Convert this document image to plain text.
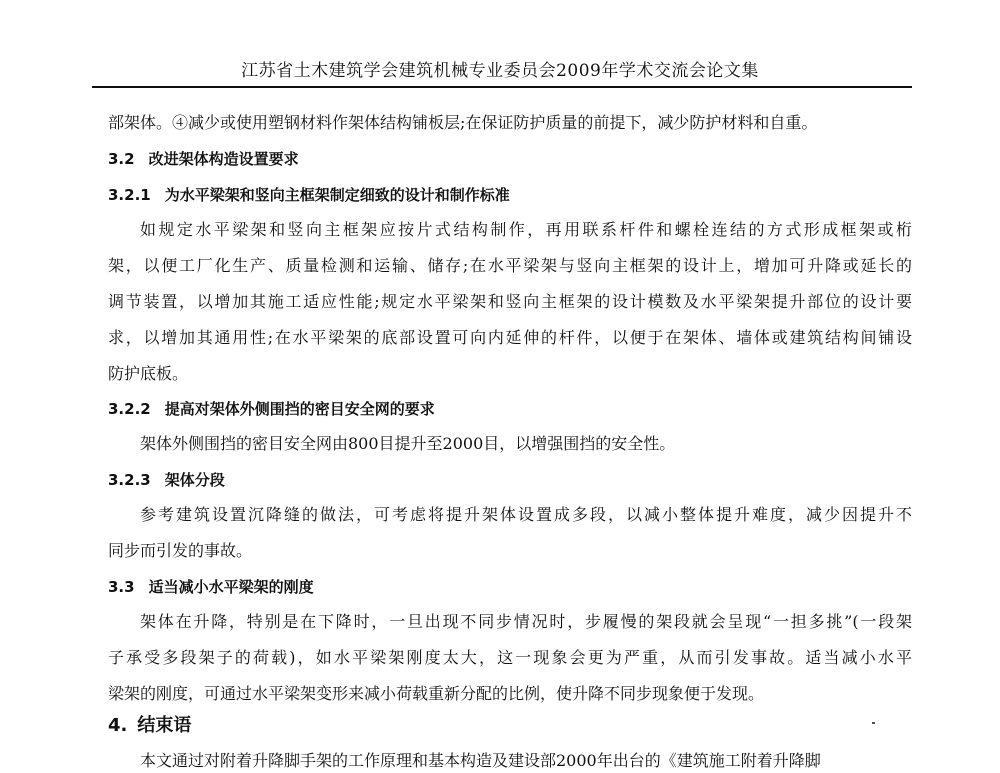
江苏省土木建筑学会建筑机械专业委员会2009年学术交流会论文集
部架体。④减少或使用塑钢材料作架体结构铺板层;在保证防护质量的前提下，减少防护材料和自重。
3.2 改进架体构造设置要求
3.2.1 为水平梁架和竖向主框架制定细致的设计和制作标准
如规定水平梁架和竖向主框架应按片式结构制作，再用联系杆件和螺栓连结的方式形成框架或桁
架，以便工厂化生产、质量检测和运输、储存;在水平梁架与竖向主框架的设计上，增加可升降或延长的
调节装置，以增加其施工适应性能;规定水平梁架和竖向主框架的设计模数及水平梁架提升部位的设计要
求，以增加其通用性;在水平梁架的底部设置可向内延伸的杆件，以便于在架体、墙体或建筑结构间铺设
防护底板。
3.2.2 提高对架体外侧围挡的密目安全网的要求
架体外侧围挡的密目安全网由800目提升至2000目，以增强围挡的安全性。
3.2.3 架体分段
参考建筑设置沉降缝的做法，可考虑将提升架体设置成多段，以减小整体提升难度，减少因提升不
同步而引发的事故。
3.3 适当减小水平梁架的刚度
架体在升降，特别是在下降时，一旦出现不同步情况时，步履慢的架段就会呈现“一担多挑”(一段架
子承受多段架子的荷载)，如水平梁架刚度太大，这一现象会更为严重，从而引发事故。适当减小水平
梁架的刚度，可通过水平梁架变形来减小荷载重新分配的比例，使升降不同步现象便于发现。
4. 结束语
本文通过对附着升降脚手架的工作原理和基本构造及建设部2000年出台的《建筑施工附着升降脚
